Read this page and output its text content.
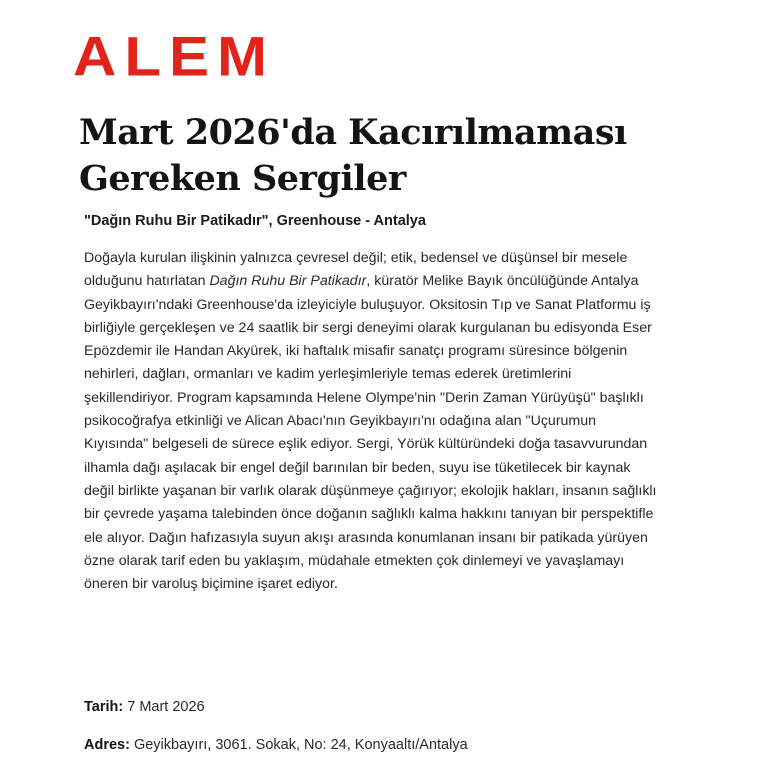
ALEM
Mart 2026'da Kacırılmaması Gereken Sergiler
"Dağın Ruhu Bir Patikadır", Greenhouse - Antalya

Doğayla kurulan ilişkinin yalnızca çevresel değil; etik, bedensel ve düşünsel bir mesele olduğunu hatırlatan Dağın Ruhu Bir Patikadır, küratör Melike Bayık öncülüğünde Antalya Geyikbayırı'ndaki Greenhouse'da izleyiciyle buluşuyor. Oksitosin Tıp ve Sanat Platformu iş birliğiyle gerçekleşen ve 24 saatlik bir sergi deneyimi olarak kurgulanan bu edisyonda Eser Epözdemir ile Handan Akyürek, iki haftalık misafir sanatçı programı süresince bölgenin nehirleri, dağları, ormanları ve kadim yerleşimleriyle temas ederek üretimlerini şekillendiriyor. Program kapsamında Helene Olympe'nin "Derin Zaman Yürüyüşü" başlıklı psikocoğrafya etkinliği ve Alican Abacı'nın Geyikbayırı'nı odağına alan "Uçurumun Kıyısında" belgeseli de sürece eşlik ediyor. Sergi, Yörük kültüründeki doğa tasavvurundan ilhamla dağı aşılacak bir engel değil barınılan bir beden, suyu ise tüketilecek bir kaynak değil birlikte yaşanan bir varlık olarak düşünmeye çağırıyor; ekolojik hakları, insanın sağlıklı bir çevrede yaşama talebinden önce doğanın sağlıklı kalma hakkını tanıyan bir perspektifle ele alıyor. Dağın hafızasıyla suyun akışı arasında konumlanan insanı bir patikada yürüyen özne olarak tarif eden bu yaklaşım, müdahale etmekten çok dinlemeyi ve yavaşlamayı öneren bir varoluş biçimine işaret ediyor.

Tarih: 7 Mart 2026

Adres: Geyikbayırı, 3061. Sokak, No: 24, Konyaaltı/Antalya
